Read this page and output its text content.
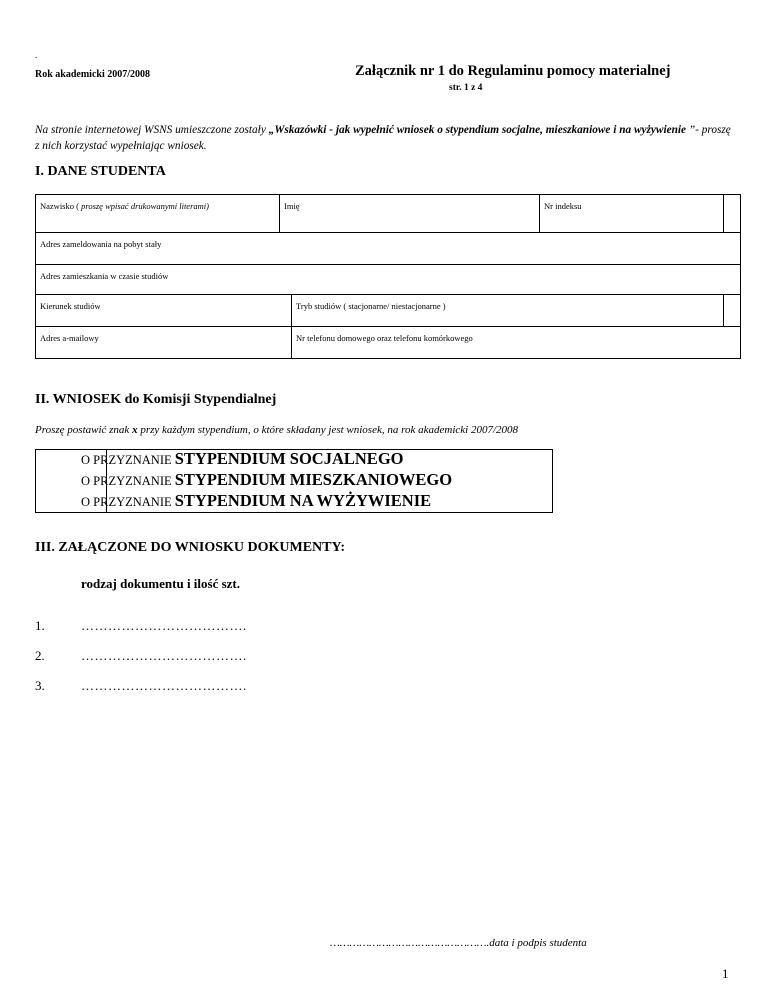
.
Rok akademicki 2007/2008	Załącznik nr 1 do Regulaminu pomocy materialnej
str. 1 z 4
Na stronie internetowej WSNS umieszczone zostały „Wskazówki - jak wypełnić wniosek o stypendium socjalne, mieszkaniowe i na wyżywienie ”- proszę z nich korzystać wypełniając wniosek.
I. DANE STUDENTA
Nazwisko ( proszę wpisać drukowanymi literami)	Imię	Nr indeksu
Adres zameldowania na pobyt stały
Adres zamieszkania w czasie studiów
Kierunek studiów	Tryb studiów ( stacjonarne/ niestacjonarne )
Adres a-mailowy	Nr telefonu domowego oraz telefonu komórkowego
II. WNIOSEK do Komisji Stypendialnej
Proszę postawić znak x przy każdym stypendium, o które składany jest wniosek, na rok akademicki 2007/2008
O PRZYZNANIE STYPENDIUM SOCJALNEGO
O PRZYZNANIE STYPENDIUM MIESZKANIOWEGO
O PRZYZNANIE STYPENDIUM NA WYŻYWIENIE
III. ZAŁĄCZONE DO WNIOSKU DOKUMENTY:
rodzaj dokumentu i ilość szt.
1.	……………………………….
2.	……………………………….
3.	……………………………….
………………………………………….data i podpis studenta
1
